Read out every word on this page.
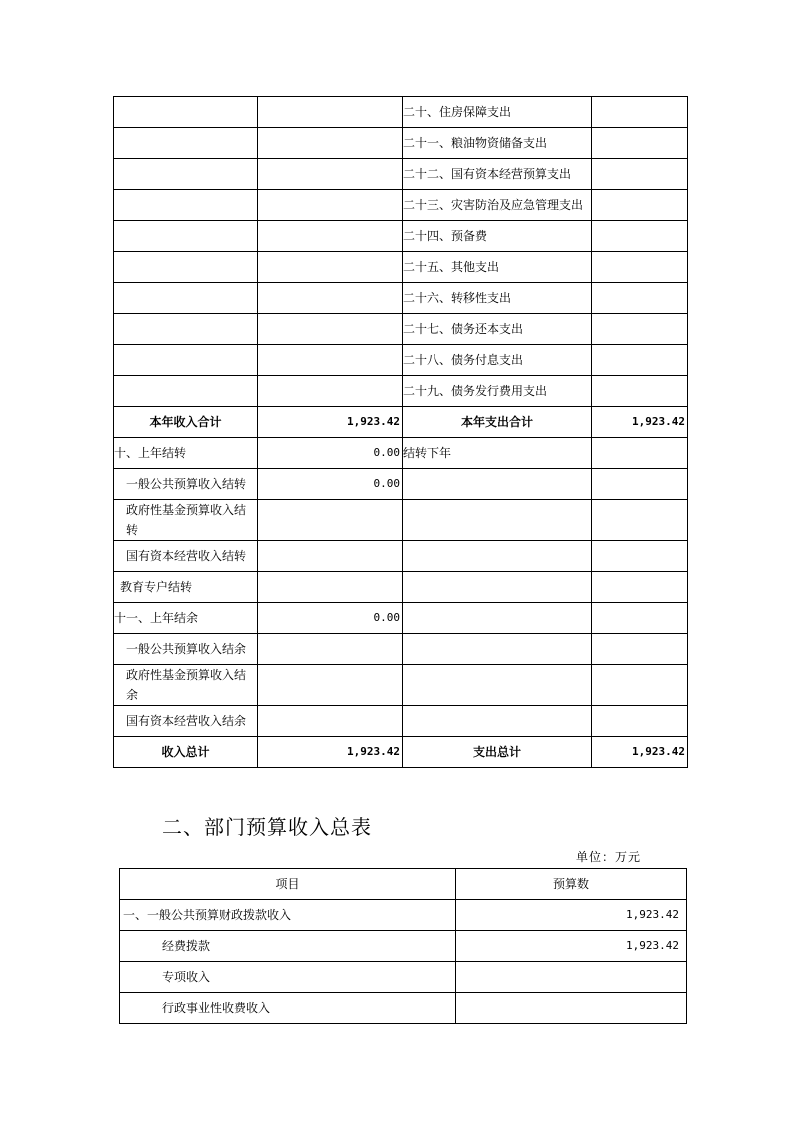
		二十、住房保障支出	
		二十一、粮油物资储备支出	
		二十二、国有资本经营预算支出	
		二十三、灾害防治及应急管理支出	
		二十四、预备费	
		二十五、其他支出	
		二十六、转移性支出	
		二十七、债务还本支出	
		二十八、债务付息支出	
		二十九、债务发行费用支出	
本年收入合计	1,923.42	本年支出合计	1,923.42
十、上年结转	0.00	结转下年	
一般公共预算收入结转	0.00		
政府性基金预算收入结转			
国有资本经营收入结转			
教育专户结转			
十一、上年结余	0.00		
一般公共预算收入结余			
政府性基金预算收入结余			
国有资本经营收入结余			
收入总计	1,923.42	支出总计	1,923.42
二、部门预算收入总表
单位：万元
项目	预算数
一、一般公共预算财政拨款收入	1,923.42
经费拨款	1,923.42
专项收入	
行政事业性收费收入	
